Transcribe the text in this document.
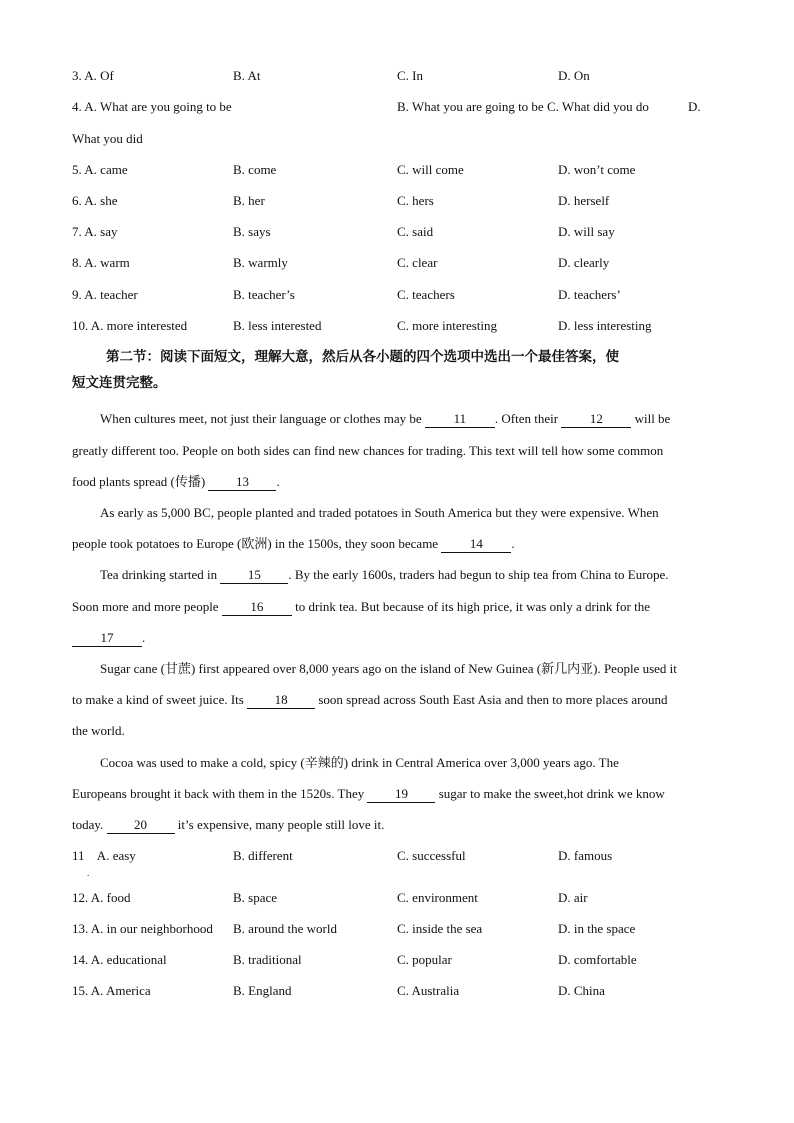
3. A. Of	B. At	C. In	D. On
4. A. What are you going to be	B. What you are going to be C. What did you do	D.
What you did
5. A. came	B. come	C. will come	D. won’t come
6. A. she	B. her	C. hers	D. herself
7. A. say	B. says	C. said	D. will say
8. A. warm	B. warmly	C. clear	D. clearly
9. A. teacher	B. teacher’s	C. teachers	D. teachers’
10. A. more interested	B. less interested	C. more interesting	D. less interesting
第二节：阅读下面短文，理解大意，然后从各小题的四个选项中选出一个最佳答案，使
短文连贯完整。
When cultures meet, not just their language or clothes may be 11 . Often their 12 will be
greatly different too. People on both sides can find new chances for trading. This text will tell how some common
food plants spread (传播) 13 .
As early as 5,000 BC, people planted and traded potatoes in South America but they were expensive. When
people took potatoes to Europe (欧洲) in the 1500s, they soon became 14 .
Tea drinking started in 15 . By the early 1600s, traders had begun to ship tea from China to Europe.
Soon more and more people 16 to drink tea. But because of its high price, it was only a drink for the
17 .
Sugar cane (甘蔗) first appeared over 8,000 years ago on the island of New Guinea (新几内亚). People used it
to make a kind of sweet juice. Its 18 soon spread across South East Asia and then to more places around
the world.
Cocoa was used to make a cold, spicy (辛辣的) drink in Central America over 3,000 years ago. The
Europeans brought it back with them in the 1520s. They 19 sugar to make the sweet,hot drink we know
today. 20 it’s expensive, many people still love it.
11    A. easy	B. different	C. successful	D. famous
.
12. A. food	B. space	C. environment	D. air
13. A. in our neighborhood B. around the world	C. inside the sea	D. in the space
14. A. educational	B. traditional	C. popular	D. comfortable
15. A. America	B. England	C. Australia	D. China
